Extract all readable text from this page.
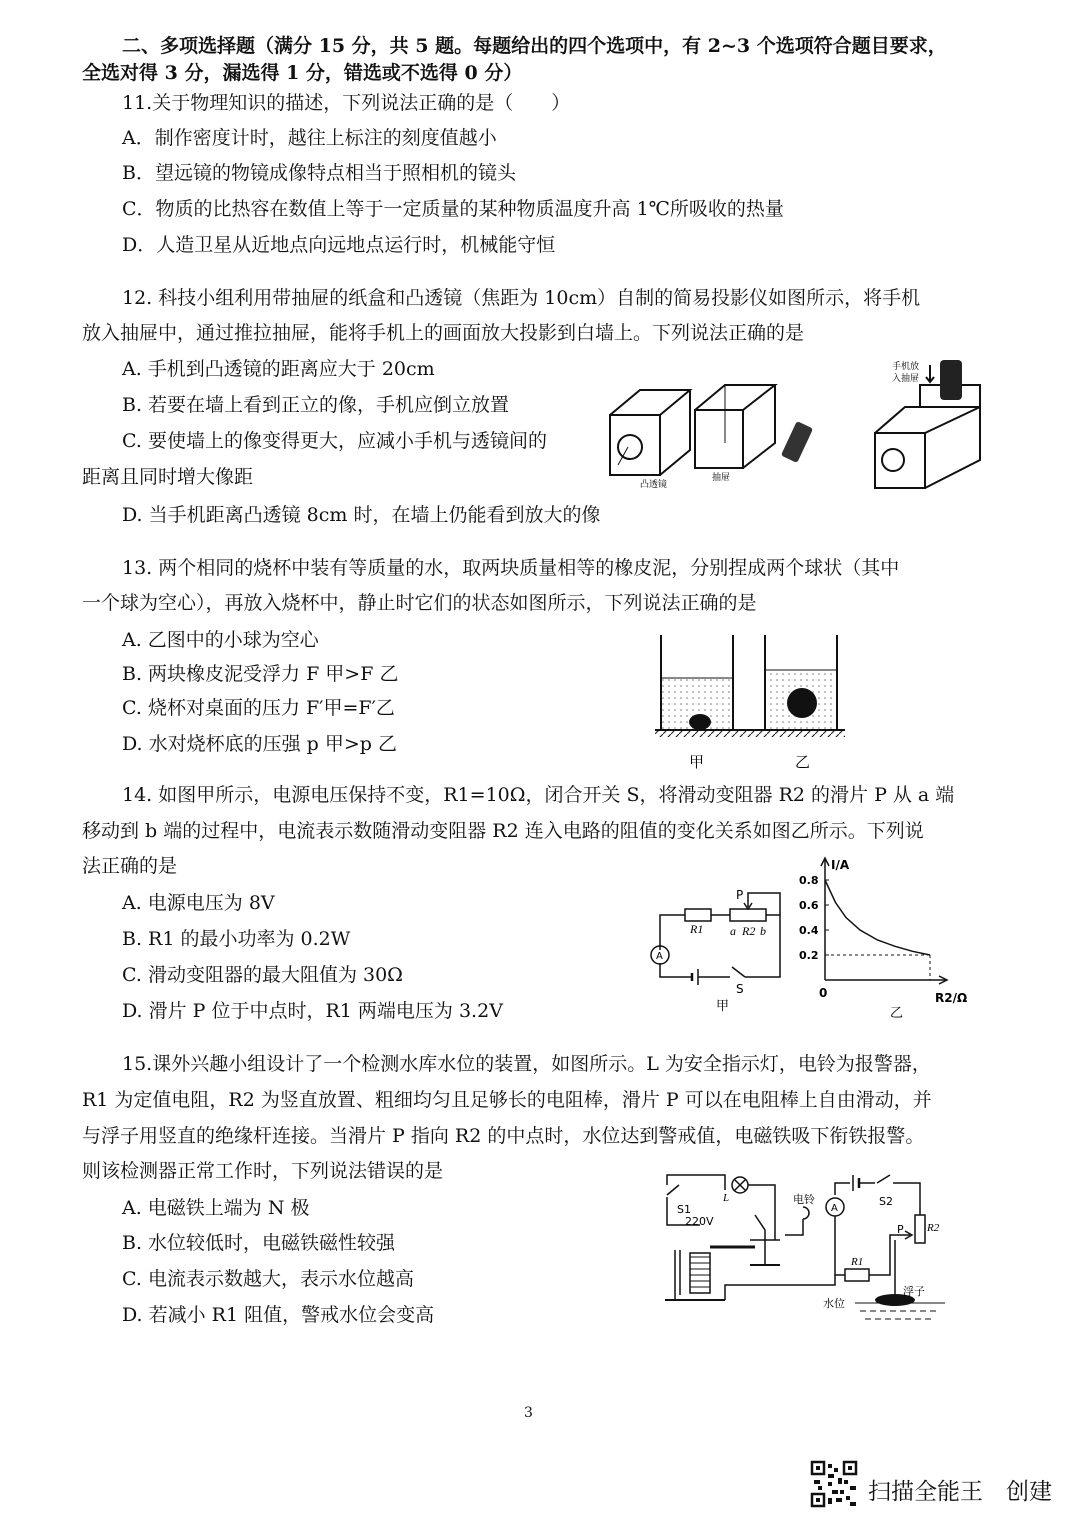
二、多项选择题（满分 15 分，共 5 题。每题给出的四个选项中，有 2~3 个选项符合题目要求，
全选对得 3 分，漏选得 1 分，错选或不选得 0 分）
11.关于物理知识的描述，下列说法正确的是（　　）
A．制作密度计时，越往上标注的刻度值越小
B．望远镜的物镜成像特点相当于照相机的镜头
C．物质的比热容在数值上等于一定质量的某种物质温度升高 1℃所吸收的热量
D．人造卫星从近地点向远地点运行时，机械能守恒
12. 科技小组利用带抽屉的纸盒和凸透镜（焦距为 10cm）自制的简易投影仪如图所示，将手机
放入抽屉中，通过推拉抽屉，能将手机上的画面放大投影到白墙上。下列说法正确的是
A. 手机到凸透镜的距离应大于 20cm
B. 若要在墙上看到正立的像，手机应倒立放置
C. 要使墙上的像变得更大，应减小手机与透镜间的
距离且同时增大像距
D. 当手机距离凸透镜 8cm 时，在墙上仍能看到放大的像
凸透镜
抽屉
手机放
入抽屉
13. 两个相同的烧杯中装有等质量的水，取两块质量相等的橡皮泥，分别捏成两个球状（其中
一个球为空心），再放入烧杯中，静止时它们的状态如图所示，下列说法正确的是
A. 乙图中的小球为空心
B. 两块橡皮泥受浮力 F 甲>F 乙
C. 烧杯对桌面的压力 F′甲=F′乙
D. 水对烧杯底的压强 p 甲>p 乙
甲	乙
14. 如图甲所示，电源电压保持不变，R1=10Ω，闭合开关 S，将滑动变阻器 R2 的滑片 P 从 a 端
移动到 b 端的过程中，电流表示数随滑动变阻器 R2 连入电路的阻值的变化关系如图乙所示。下列说
法正确的是
A. 电源电压为 8V
B. R1 的最小功率为 0.2W
C. 滑动变阻器的最大阻值为 30Ω
D. 滑片 P 位于中点时，R1 两端电压为 3.2V
A
P
R1 a R2 b
S
甲
I/A
R2/Ω
0
0.8
0.6
0.4
0.2
乙
15.课外兴趣小组设计了一个检测水库水位的装置，如图所示。L 为安全指示灯，电铃为报警器，
R1 为定值电阻，R2 为竖直放置、粗细均匀且足够长的电阻棒，滑片 P 可以在电阻棒上自由滑动，并
与浮子用竖直的绝缘杆连接。当滑片 P 指向 R2 的中点时，水位达到警戒值，电磁铁吸下衔铁报警。
则该检测器正常工作时，下列说法错误的是
A. 电磁铁上端为 N 极
B. 水位较低时，电磁铁磁性较强
C. 电流表示数越大，表示水位越高
D. 若减小 R1 阻值，警戒水位会变高
S1
220V
L	电铃	S2
P R2
A
R1
浮子
水位
3
扫描全能王　创建
